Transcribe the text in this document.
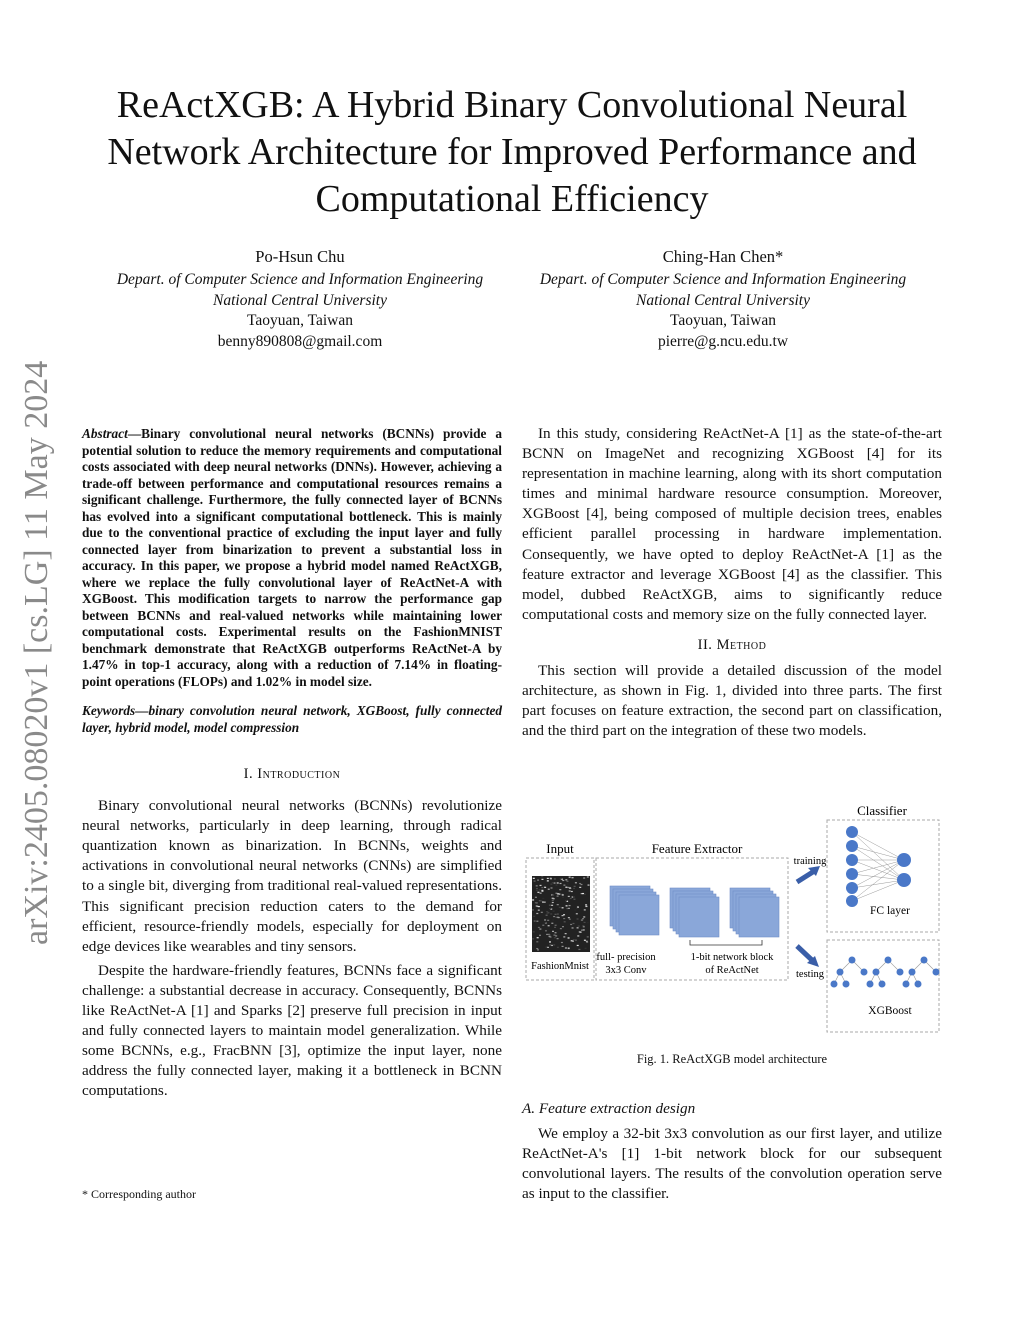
arXiv:2405.08020v1 [cs.LG] 11 May 2024
ReActXGB: A Hybrid Binary Convolutional Neural Network Architecture for Improved Performance and Computational Efficiency
Po-Hsun Chu
Depart. of Computer Science and Information Engineering
National Central University
Taoyuan, Taiwan
benny890808@gmail.com
Ching-Han Chen*
Depart. of Computer Science and Information Engineering
National Central University
Taoyuan, Taiwan
pierre@g.ncu.edu.tw
Abstract—Binary convolutional neural networks (BCNNs) provide a potential solution to reduce the memory requirements and computational costs associated with deep neural networks (DNNs). However, achieving a trade-off between performance and computational resources remains a significant challenge. Furthermore, the fully connected layer of BCNNs has evolved into a significant computational bottleneck. This is mainly due to the conventional practice of excluding the input layer and fully connected layer from binarization to prevent a substantial loss in accuracy. In this paper, we propose a hybrid model named ReActXGB, where we replace the fully convolutional layer of ReActNet-A with XGBoost. This modification targets to narrow the performance gap between BCNNs and real-valued networks while maintaining lower computational costs. Experimental results on the FashionMNIST benchmark demonstrate that ReActXGB outperforms ReActNet-A by 1.47% in top-1 accuracy, along with a reduction of 7.14% in floating-point operations (FLOPs) and 1.02% in model size.
Keywords—binary convolution neural network, XGBoost, fully connected layer, hybrid model, model compression
I. Introduction

Binary convolutional neural networks (BCNNs) revolutionize neural networks, particularly in deep learning, through radical quantization known as binarization. In BCNNs, weights and activations in convolutional neural networks (CNNs) are simplified to a single bit, diverging from traditional real-valued representations. This significant precision reduction caters to the demand for efficient, resource-friendly models, especially for deployment on edge devices like wearables and tiny sensors.

Despite the hardware-friendly features, BCNNs face a significant challenge: a substantial decrease in accuracy. Consequently, BCNNs like ReActNet-A [1] and Sparks [2] preserve full precision in input and fully connected layers to maintain model generalization. While some BCNNs, e.g., FracBNN [3], optimize the input layer, none address the fully connected layer, making it a bottleneck in BCNN computations.

* Corresponding author

In this study, considering ReActNet-A [1] as the state-of-the-art BCNN on ImageNet and recognizing XGBoost [4] for its representation in machine learning, along with its short computation times and minimal hardware resource consumption. Moreover, XGBoost [4], being composed of multiple decision trees, enables efficient parallel processing in hardware implementation. Consequently, we have opted to deploy ReActNet-A [1] as the feature extractor and leverage XGBoost [4] as the classifier. This model, dubbed ReActXGB, aims to significantly reduce computational costs and memory size on the fully connected layer.

II. Method

This section will provide a detailed discussion of the model architecture, as shown in Fig. 1, divided into three parts. The first part focuses on feature extraction, the second part on classification, and the third part on the integration of these two models.

Input
FashionMnist
Feature Extractor
full- precision
3x3 Conv
1-bit network block
of ReActNet
training
testing
Classifier
FC layer
XGBoost
Fig. 1. ReActXGB model architecture
A. Feature extraction design

We employ a 32-bit 3x3 convolution as our first layer, and utilize ReActNet-A's [1] 1-bit network block for our subsequent convolutional layers. The results of the convolution operation serve as input to the classifier.
